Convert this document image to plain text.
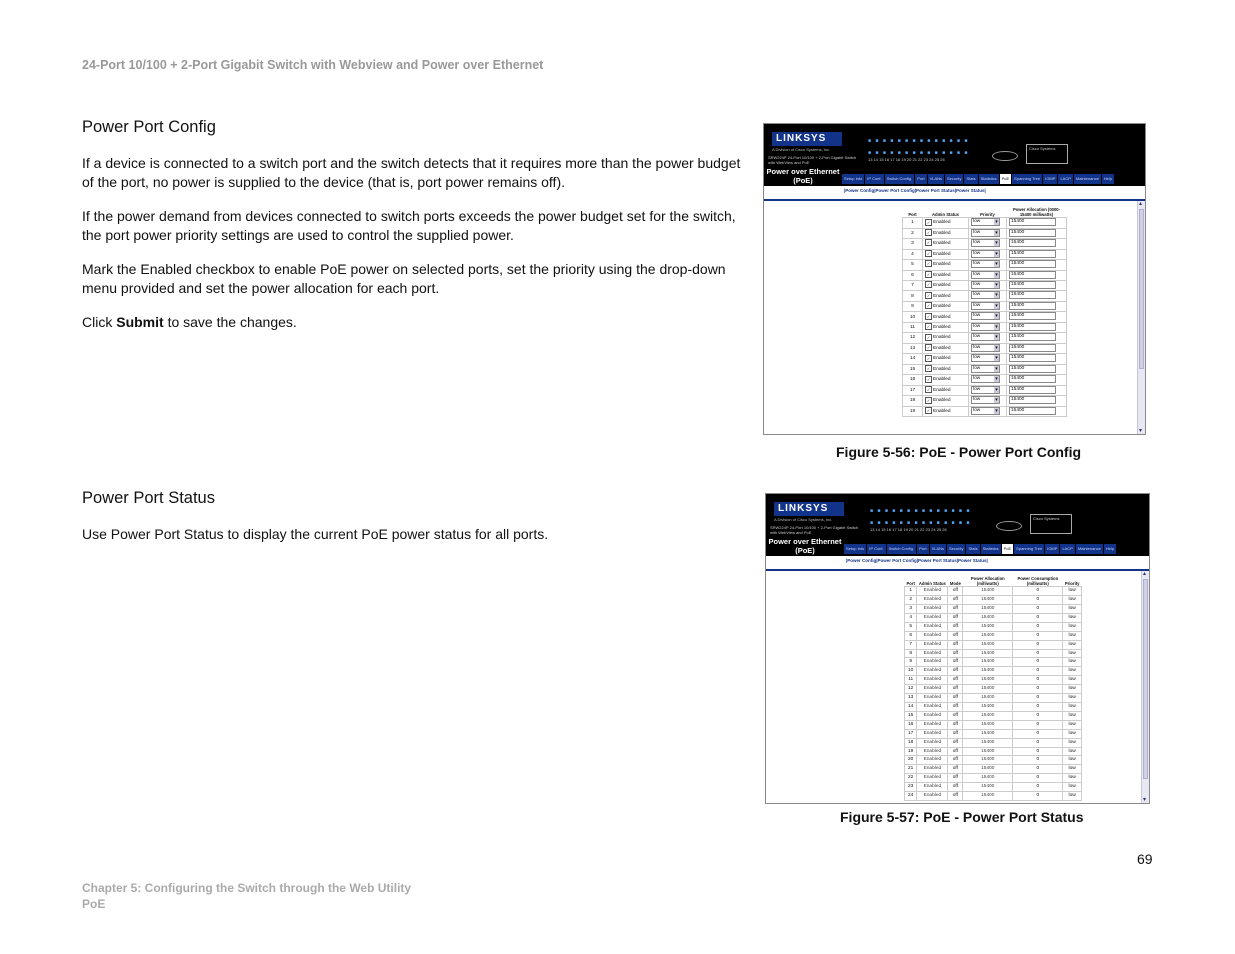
24-Port 10/100 + 2-Port Gigabit Switch with Webview and Power over Ethernet
Power Port Config
If a device is connected to a switch port and the switch detects that it requires more than the power budget of the port, no power is supplied to the device (that is, port power remains off).
If the power demand from devices connected to switch ports exceeds the power budget set for the switch, the port power priority settings are used to control the supplied power.
Mark the Enabled checkbox to enable PoE power on selected ports, set the priority using the drop-down menu provided and set the power allocation for each port.
Click Submit to save the changes.
LINKSYS
A Division of Cisco Systems, Inc.
SRW224P 24-Port 10/100 + 2-Port Gigabit Switch with WebView and PoE
■ ■ ■ ■ ■ ■ ■ ■ ■ ■ ■ ■ ■ ■
■ ■ ■ ■ ■ ■ ■ ■ ■ ■ ■ ■ ■ ■
13 14 15 16 17 18 19 20 21 22 23 24 25 26
Cisco Systems
Power over Ethernet (PoE)	Setup Info	IP Conf.	Switch Config.	Port	VLANs	Security	Stats	Statistics	PoE	Spanning Tree	IGMP	LACP	Maintenance	Help
|Power Config|Power Port Config|Power Port Status|Power Status|
▴
▾
Port	Admin Status	Priority	Power Allocation (0000-15400 milliwatts)
1	✓ Enabled	low ▾	15400
2	✓ Enabled	low ▾	15400
3	✓ Enabled	low ▾	15400
4	✓ Enabled	low ▾	15400
5	✓ Enabled	low ▾	15400
6	✓ Enabled	low ▾	15400
7	✓ Enabled	low ▾	15400
8	✓ Enabled	low ▾	15400
9	✓ Enabled	low ▾	15400
10	✓ Enabled	low ▾	15400
11	✓ Enabled	low ▾	15400
12	✓ Enabled	low ▾	15400
13	✓ Enabled	low ▾	15400
14	✓ Enabled	low ▾	15400
15	✓ Enabled	low ▾	15400
16	✓ Enabled	low ▾	15400
17	✓ Enabled	low ▾	15400
18	✓ Enabled	low ▾	15400
19	✓ Enabled	low ▾	15400
Figure 5-56: PoE - Power Port Config
Power Port Status
Use Power Port Status to display the current PoE power status for all ports.
LINKSYS
A Division of Cisco Systems, Inc.
SRW224P 24-Port 10/100 + 2-Port Gigabit Switch with WebView and PoE
■ ■ ■ ■ ■ ■ ■ ■ ■ ■ ■ ■ ■ ■
■ ■ ■ ■ ■ ■ ■ ■ ■ ■ ■ ■ ■ ■
13 14 15 16 17 18 19 20 21 22 23 24 25 26
Cisco Systems
Power over Ethernet (PoE)	Setup Info	IP Conf.	Switch Config.	Port	VLANs	Security	Stats	Statistics	PoE	Spanning Tree	IGMP	LACP	Maintenance	Help
|Power Config|Power Port Config|Power Port Status|Power Status|
▴
▾
Port	Admin Status	Mode	Power Allocation (milliwatts)	Power Consumption (milliwatts)	Priority
1	Enabled	off	15400	0	low
2	Enabled	off	15400	0	low
3	Enabled	off	15400	0	low
4	Enabled	off	15400	0	low
5	Enabled	off	15400	0	low
6	Enabled	off	15400	0	low
7	Enabled	off	15400	0	low
8	Enabled	off	15400	0	low
9	Enabled	off	15400	0	low
10	Enabled	off	15400	0	low
11	Enabled	off	15400	0	low
12	Enabled	off	15400	0	low
13	Enabled	off	15400	0	low
14	Enabled	off	15400	0	low
15	Enabled	off	15400	0	low
16	Enabled	off	15400	0	low
17	Enabled	off	15400	0	low
18	Enabled	off	15400	0	low
19	Enabled	off	15400	0	low
20	Enabled	off	15400	0	low
21	Enabled	off	15400	0	low
22	Enabled	off	15400	0	low
23	Enabled	off	15400	0	low
24	Enabled	off	15400	0	low
Figure 5-57: PoE - Power Port Status
69
Chapter 5: Configuring the Switch through the Web Utility
PoE
